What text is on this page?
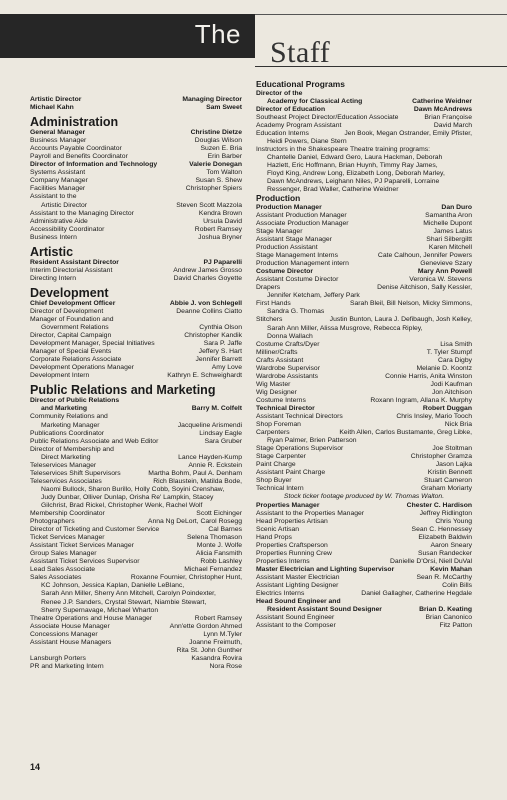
The
Staff
Artistic Director	Managing Director
Michael Kahn	Sam Sweet
Administration
General Manager	Christine Dietze
Business Manager	Douglas Wilson
Accounts Payable Coordinator	Suzen E. Bria
Payroll and Benefits Coordinator	Erin Barber
Director of Information and Technology	Valerie Donegan
Systems Assistant	Tom Walton
Company Manager	Susan S. Shew
Facilities Manager	Christopher Spiers
Assistant to the
Artistic Director	Steven Scott Mazzola
Assistant to the Managing Director	Kendra Brown
Administrative Aide	Ursula David
Accessibility Coordinator	Robert Ramsey
Business Intern	Joshua Bryner
Artistic
Resident Assistant Director	PJ Paparelli
Interim Directorial Assistant	Andrew James Grosso
Directing Intern	David Charles Goyette
Development
Chief Development Officer	Abbie J. von Schlegell
Director of Development	Deanne Collins Ciatto
Manager of Foundation and
Government Relations	Cynthia Olson
Director, Capital Campaign	Christopher Kandik
Development Manager, Special Initiatives	Sara P. Jaffe
Manager of Special Events	Jeffery S. Hart
Corporate Relations Associate	Jennifer Barrett
Development Operations Manager	Amy Love
Development Intern	Kathryn E. Schweighardt
Public Relations and Marketing
Director of Public Relations
and Marketing	Barry M. Colfelt
Community Relations and
Marketing Manager	Jacqueline Arismendi
Publications Coordinator	Lindsay Eagle
Public Relations Associate and Web Editor	Sara Gruber
Director of Membership and
Direct Marketing	Lance Hayden-Kump
Teleservices Manager	Annie R. Eckstein
Teleservices Shift Supervisors	Martha Bohm, Paul A. Denham
Teleservices Associates	Rich Blaustein, Matilda Bode,
Naomi Bullock, Sharon Burillo, Holly Cobb, Soyini Crenshaw,
Judy Dunbar, Olliver Dunlap, Orisha Re' Lampkin, Stacey
Gilchrist, Brad Rickel, Christopher Wenk, Rachel Wolf
Membership Coordinator	Scott Eichinger
Photographers	Anna Ng DeLort, Carol Rosegg
Director of Ticketing and Customer Service	Cal Barnes
Ticket Services Manager	Selena Thomason
Assistant Ticket Services Manager	Monte J. Wolfe
Group Sales Manager	Alicia Fansmith
Assistant Ticket Services Supervisor	Robb Lashley
Lead Sales Associate	Michael Fernandez
Sales Associates	Roxanne Fournier, Christopher Hunt,
KC Johnson, Jessica Kaplan, Danielle LeBlanc,
Sarah Ann Miller, Sherry Ann Mitchell, Carolyn Poindexter,
Renee J.P. Sanders, Crystal Stewart, Niambie Stewart,
Sherry Supernavage, Michael Wharton
Theatre Operations and House Manager	Robert Ramsey
Associate House Manager	Ann'ette Gordon Ahmed
Concessions Manager	Lynn M.Tyler
Assistant House Managers	Joanne Freimuth,
Rita St. John Gunther
Lansburgh Porters	Kasandra Rovira
PR and Marketing Intern	Nora Rose
Educational Programs
Director of the
Academy for Classical Acting	Catherine Weidner
Director of Education	Dawn McAndrews
Southeast Project Director/Education Associate	Brian Françoise
Academy Program Assistant	David March
Education Interns	Jen Book, Megan Ostrander, Emily Pfister,
Heidi Powers, Diane Stern
Instructors in the Shakespeare Theatre training programs:
Chantelle Daniel, Edward Gero, Laura Hackman, Deborah
Hazlett, Eric Hoffmann, Brian Huynh, Timmy Ray James,
Floyd King, Andrew Long, Elizabeth Long, Deborah Marley,
Dawn McAndrews, Leighann Niles, PJ Paparelli, Lorraine
Ressenger, Brad Waller, Catherine Weidner
Production
Production Manager	Dan Duro
Assistant Production Manager	Samantha Aron
Associate Production Manager	Michelle Dupont
Stage Manager	James Latus
Assistant Stage Manager	Shari Silbergiltt
Production Assistant	Karen Mitchell
Stage Management Interns	Cate Calhoun, Jennifer Powers
Production Management intern	Genevieve Szary
Costume Director	Mary Ann Powell
Assistant Costume Director	Veronica W. Stevens
Drapers	Denise Aitchison, Sally Kessler,
Jennifer Ketcham, Jeffery Park
First Hands	Sarah Bleil, Bill Nelson, Micky Simmons,
Sandra G. Thomas
Stitchers	Justin Bunton, Laura J. Defibaugh, Josh Kelley,
Sarah Ann Miller, Alissa Musgrove, Rebecca Ripley,
Donna Wallach
Costume Crafts/Dyer	Lisa Smith
Milliner/Crafts	T. Tyler Stumpf
Crafts Assistant	Cara Digby
Wardrobe Supervisor	Melanie D. Koontz
Wardrobe Assistants	Connie Harris, Anita Winston
Wig Master	Jodi Kaufman
Wig Designer	Jon Aitchison
Costume Interns	Roxann Ingram, Allana K. Murphy
Technical Director	Robert Duggan
Assistant Technical Directors	Chris Insley, Mario Tooch
Shop Foreman	Nick Bria
Carpenters	Keith Allen, Carlos Bustamante, Greg Libke,
Ryan Palmer, Brien Patterson
Stage Operations Supervisor	Joe Stoltman
Stage Carpenter	Christopher Gramza
Paint Charge	Jason Lajka
Assistant Paint Charge	Kristin Bennett
Shop Buyer	Stuart Cameron
Technical Intern	Graham Moriarty
Stock ticker footage produced by W. Thomas Walton.
Properties Manager	Chester C. Hardison
Assistant to the Properties Manager	Jeffrey Ridlington
Head Properties Artisan	Chris Young
Scenic Artisan	Sean C. Hennessey
Hand Props	Elizabeth Baldwin
Properties Craftsperson	Aaron Sneary
Properties Running Crew	Susan Randecker
Properties Interns	Danielle D'Orsi, Niell DuVal
Master Electrician and Lighting Supervisor	Kevin Mahan
Assistant Master Electrician	Sean R. McCarthy
Assistant Lighting Designer	Colin Bills
Electrics Interns	Daniel Gallagher, Catherine Hegdale
Head Sound Engineer and
Resident Assistant Sound Designer	Brian D. Keating
Assistant Sound Engineer	Brian Canonico
Assistant to the Composer	Fitz Patton
14
